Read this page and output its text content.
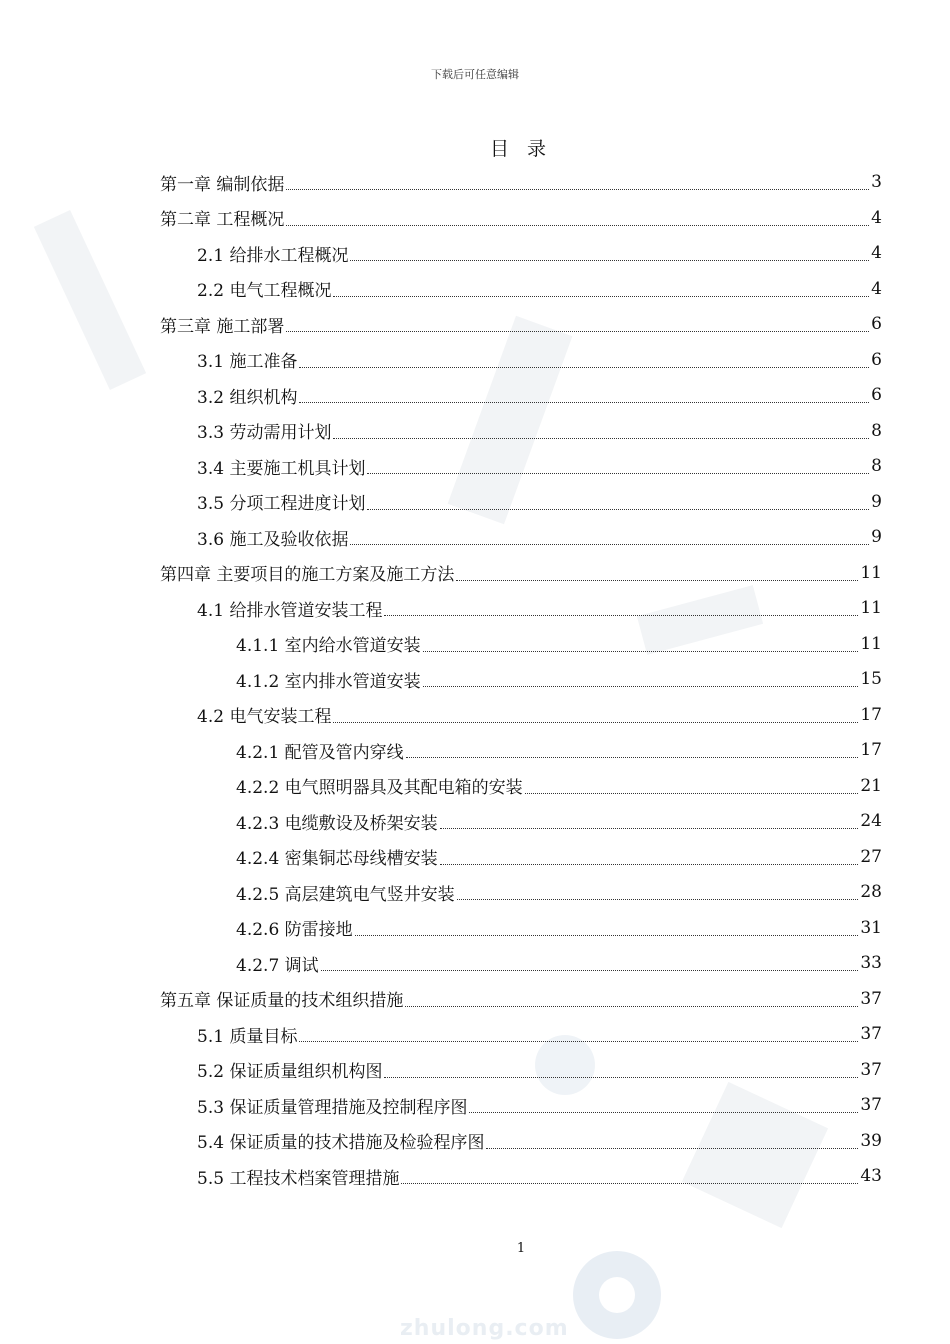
下载后可任意编辑
目 录
第一章 编制依据	3
第二章 工程概况	4
2.1 给排水工程概况	4
2.2 电气工程概况	4
第三章 施工部署	6
3.1 施工准备	6
3.2 组织机构	6
3.3 劳动需用计划	8
3.4 主要施工机具计划	8
3.5 分项工程进度计划	9
3.6 施工及验收依据	9
第四章 主要项目的施工方案及施工方法	11
4.1 给排水管道安装工程	11
4.1.1 室内给水管道安装	11
4.1.2 室内排水管道安装	15
4.2 电气安装工程	17
4.2.1 配管及管内穿线	17
4.2.2 电气照明器具及其配电箱的安装	21
4.2.3 电缆敷设及桥架安装	24
4.2.4 密集铜芯母线槽安装	27
4.2.5 高层建筑电气竖井安装	28
4.2.6 防雷接地	31
4.2.7 调试	33
第五章 保证质量的技术组织措施	37
5.1 质量目标	37
5.2 保证质量组织机构图	37
5.3 保证质量管理措施及控制程序图	37
5.4 保证质量的技术措施及检验程序图	39
5.5 工程技术档案管理措施	43
1
zhulong.com
